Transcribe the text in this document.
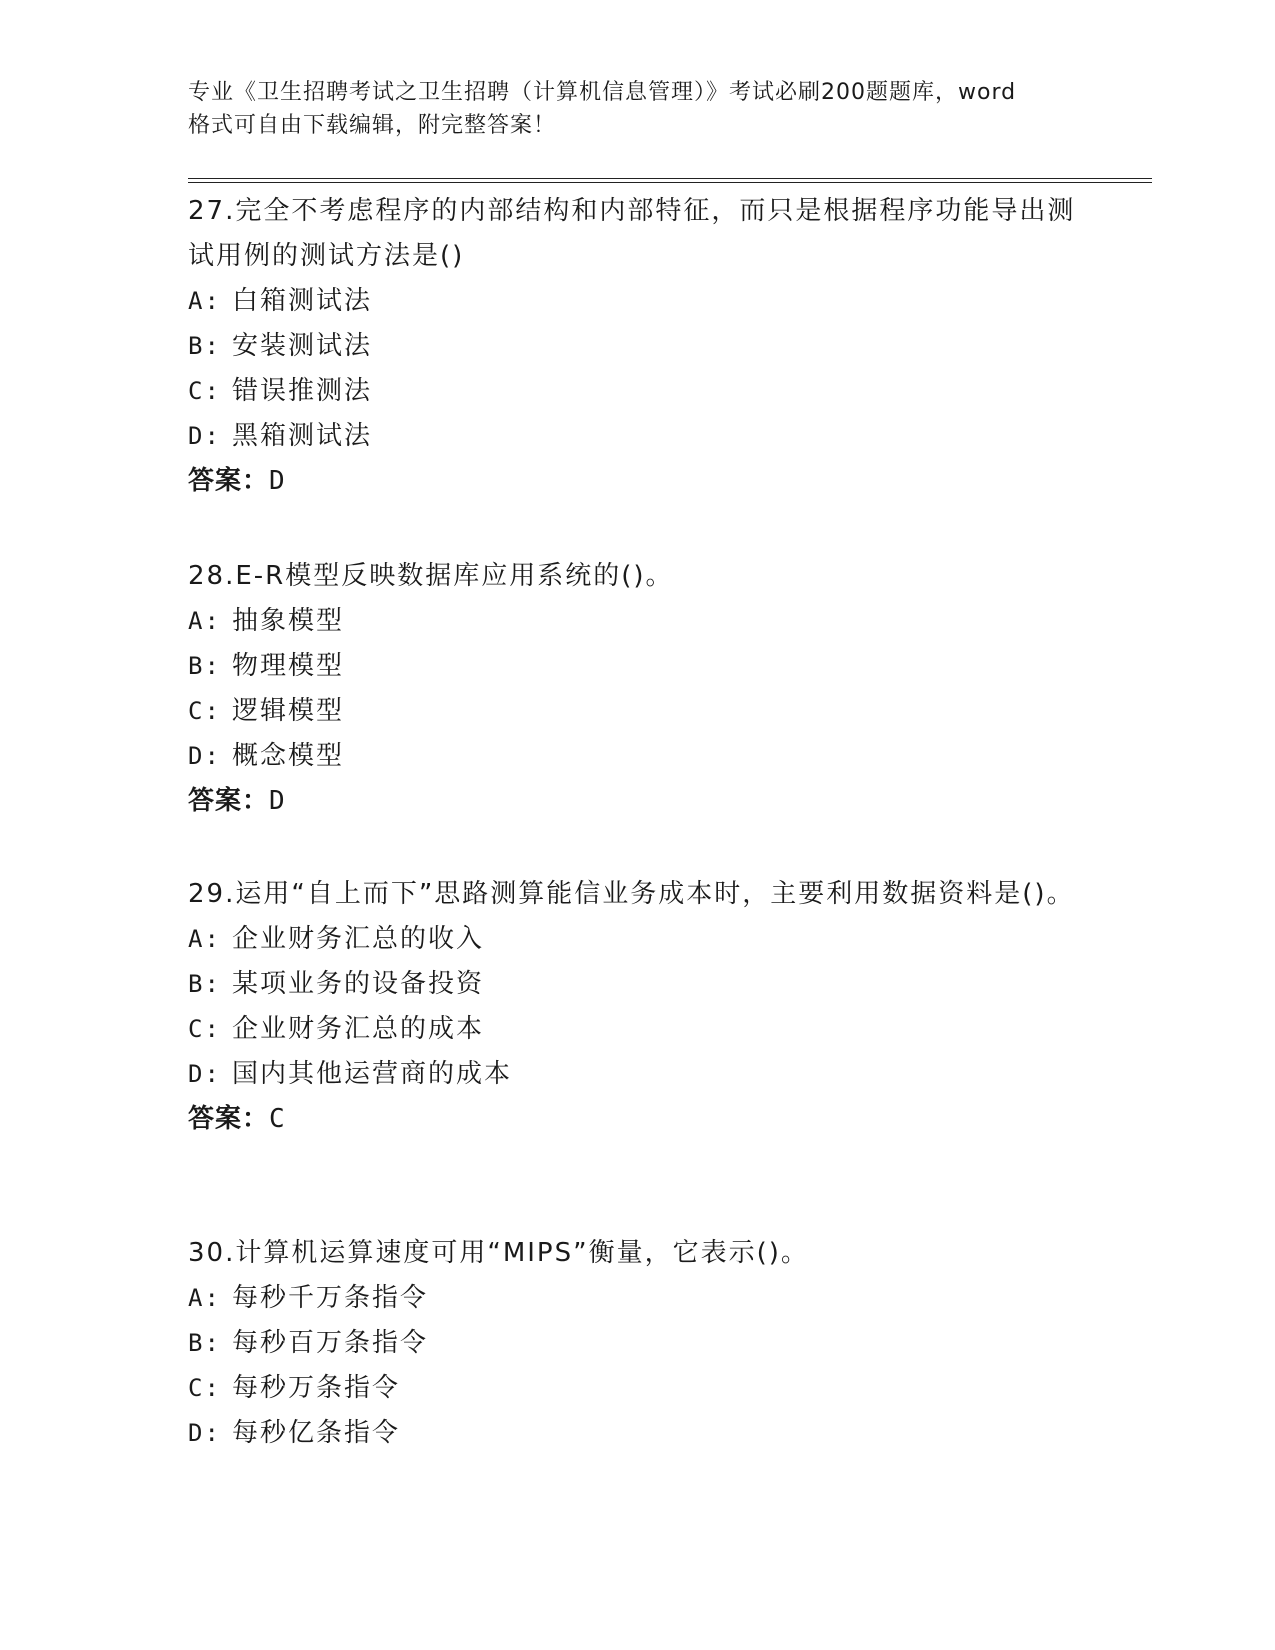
专业《卫生招聘考试之卫生招聘（计算机信息管理）》考试必刷200题题库，word
格式可自由下载编辑，附完整答案！
27.完全不考虑程序的内部结构和内部特征，而只是根据程序功能导出测试用例的测试方法是()
A: 白箱测试法
B: 安装测试法
C: 错误推测法
D: 黑箱测试法
答案：D
28.E-R模型反映数据库应用系统的()。
A: 抽象模型
B: 物理模型
C: 逻辑模型
D: 概念模型
答案：D
29.运用“自上而下”思路测算能信业务成本时，主要利用数据资料是()。
A: 企业财务汇总的收入
B: 某项业务的设备投资
C: 企业财务汇总的成本
D: 国内其他运营商的成本
答案：C
30.计算机运算速度可用“MIPS”衡量，它表示()。
A: 每秒千万条指令
B: 每秒百万条指令
C: 每秒万条指令
D: 每秒亿条指令
